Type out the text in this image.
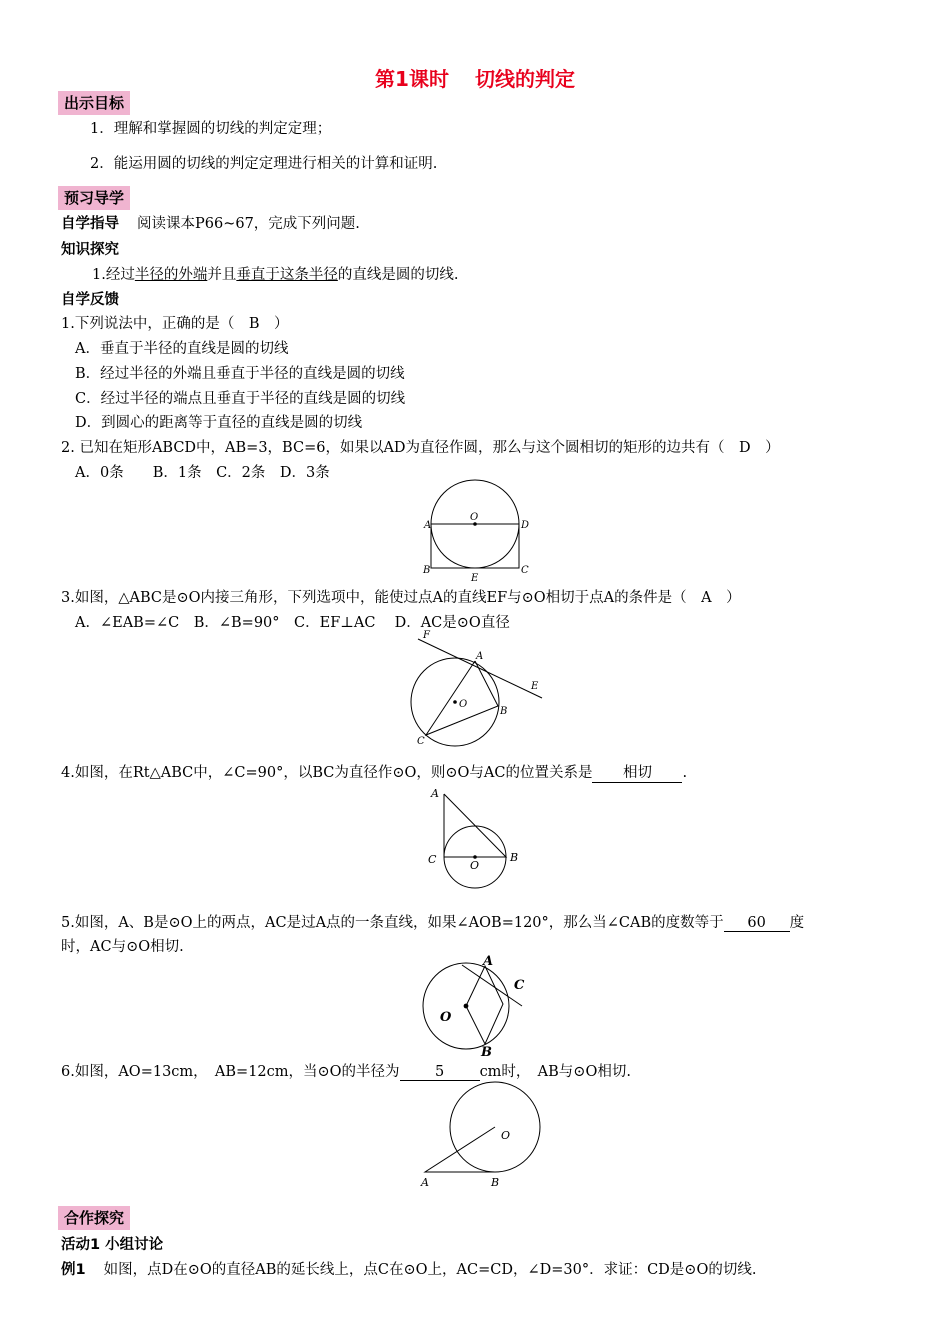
第1课时 切线的判定
出示目标
1．理解和掌握圆的切线的判定定理；
2．能运用圆的切线的判定定理进行相关的计算和证明.
预习导学
自学指导 阅读课本P66~67，完成下列问题.
知识探究
1.经过半径的外端并且垂直于这条半径的直线是圆的切线.
自学反馈
1.下列说法中，正确的是（　B　）
A．垂直于半径的直线是圆的切线
B．经过半径的外端且垂直于半径的直线是圆的切线
C．经过半径的端点且垂直于半径的直线是圆的切线
D．到圆心的距离等于直径的直线是圆的切线
2. 已知在矩形ABCD中，AB=3，BC=6，如果以AD为直径作圆，那么与这个圆相切的矩形的边共有（　D　）
A．0条　　B．1条　C．2条　D．3条
A	D
O
B
E
C
3.如图，△ABC是⊙O内接三角形，下列选项中，能使过点A的直线EF与⊙O相切于点A的条件是（　A　）
A．∠EAB=∠C　B．∠B=90°　C．EF⊥AC　 D．AC是⊙O直径
F
A
E
O
B
C
4.如图，在Rt△ABC中，∠C=90°，以BC为直径作⊙O，则⊙O与AC的位置关系是 相切 .
A
C	O
B
5.如图，A、B是⊙O上的两点，AC是过A点的一条直线，如果∠AOB=120°，那么当∠CAB的度数等于 60 度
时，AC与⊙O相切.
A
C
O
B
6.如图，AO=13cm，　AB=12cm，当⊙O的半径为 5 cm时，　AB与⊙O相切.
O
A	B
合作探究
活动1 小组讨论
例1 如图，点D在⊙O的直径AB的延长线上，点C在⊙O上，AC=CD，∠D=30°．求证：CD是⊙O的切线.
